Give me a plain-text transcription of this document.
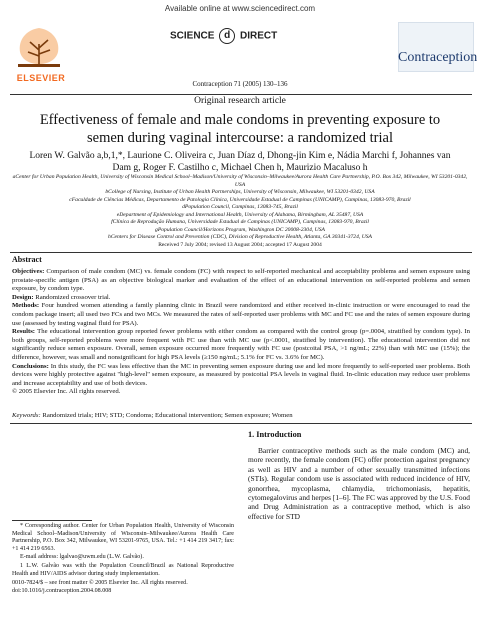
Available online at www.sciencedirect.com
ELSEVIER
SCIENCE d DIRECT
Contraception
Contraception 71 (2005) 130–136
Original research article
Effectiveness of female and male condoms in preventing exposure to semen during vaginal intercourse: a randomized trial
Loren W. Galvão a,b,1,*, Laurione C. Oliveira c, Juan Díaz d, Dhong-jin Kim e, Nádia Marchi f, Johannes van Dam g, Roger F. Castilho c, Michael Chen h, Maurizio Macaluso h
aCenter for Urban Population Health, University of Wisconsin Medical School–Madison/University of Wisconsin–Milwaukee/Aurora Health Care Partnership, P.O. Box 342, Milwaukee, WI 53201-0342, USA
bCollege of Nursing, Institute of Urban Health Partnerships, University of Wisconsin, Milwaukee, WI 53201-0342, USA
cFaculdade de Ciências Médicas, Departamento de Patologia Clínica, Universidade Estadual de Campinas (UNICAMP), Campinas, 13083-970, Brazil
dPopulation Council, Campinas, 13083-745, Brazil
eDepartment of Epidemiology and International Health, University of Alabama, Birmingham, AL 35487, USA
fClínica de Reprodução Humana, Universidade Estadual de Campinas (UNICAMP), Campinas, 13083-970, Brazil
gPopulation Council/Horizons Program, Washington DC 20008-2304, USA
hCenters for Disease Control and Prevention (CDC), Division of Reproductive Health, Atlanta, GA 30341-3724, USA
Received 7 July 2004; revised 13 August 2004; accepted 17 August 2004
Abstract

Objectives: Comparison of male condom (MC) vs. female condom (FC) with respect to self-reported mechanical and acceptability problems and semen exposure using prostate-specific antigen (PSA) as an objective biological marker and evaluation of the effect of an educational intervention on self-reported problems and semen exposure, by condom type.

Design: Randomized crossover trial.

Methods: Four hundred women attending a family planning clinic in Brazil were randomized and either received in-clinic instruction or were encouraged to read the condom package insert; all used two FCs and two MCs. We measured the rates of self-reported user problems with MC and FC use and the rates of semen exposure during use (assessed by testing vaginal fluid for PSA).

Results: The educational intervention group reported fewer problems with either condom as compared with the control group (p=.0004, stratified by condom type). In both groups, self-reported problems were more frequent with FC use than with MC use (p<.0001, stratified by intervention). The educational intervention did not significantly reduce semen exposure. Overall, semen exposure occurred more frequently with FC use (postcoital PSA, >1 ng/mL; 22%) than with MC use (15%); the difference, however, was small and nonsignificant for high PSA levels (≥150 ng/mL; 5.1% for FC vs. 3.6% for MC).

Conclusions: In this study, the FC was less effective than the MC in preventing semen exposure during use and led more frequently to self-reported user problems. Both devices were highly protective against "high-level" semen exposure, as measured by postcoital PSA levels in vaginal fluid. In-clinic education may reduce user problems and increase acceptability and use of both devices.

© 2005 Elsevier Inc. All rights reserved.

Keywords: Randomized trials; HIV; STD; Condoms; Educational intervention; Semen exposure; Women
1. Introduction
Barrier contraceptive methods such as the male condom (MC) and, more recently, the female condom (FC) offer protection against pregnancy as well as HIV and a number of other sexually transmitted infections (STIs). Regular condom use is associated with reduced incidence of HIV, gonorrhea, mycoplasma, chlamydia, trichomoniasis, hepatitis, cytomegalovirus and herpes [1–6]. The FC was approved by the U.S. Food and Drug Administration as a contraceptive method, which is also effective for STD

* Corresponding author. Center for Urban Population Health, University of Wisconsin Medical School–Madison/University of Wisconsin–Milwaukee/Aurora Health Care Partnership, P.O. Box 342, Milwaukee, WI 53201-9765, USA. Tel.: +1 414 219 3417; fax: +1 414 219 6563.

E-mail address: lgalvao@uwm.edu (L.W. Galvão).

1 L.W. Galvão was with the Population Council/Brazil as National Reproductive Health and HIV/AIDS advisor during study implementation.

0010-7824/$ – see front matter © 2005 Elsevier Inc. All rights reserved.
doi:10.1016/j.contraception.2004.08.008
